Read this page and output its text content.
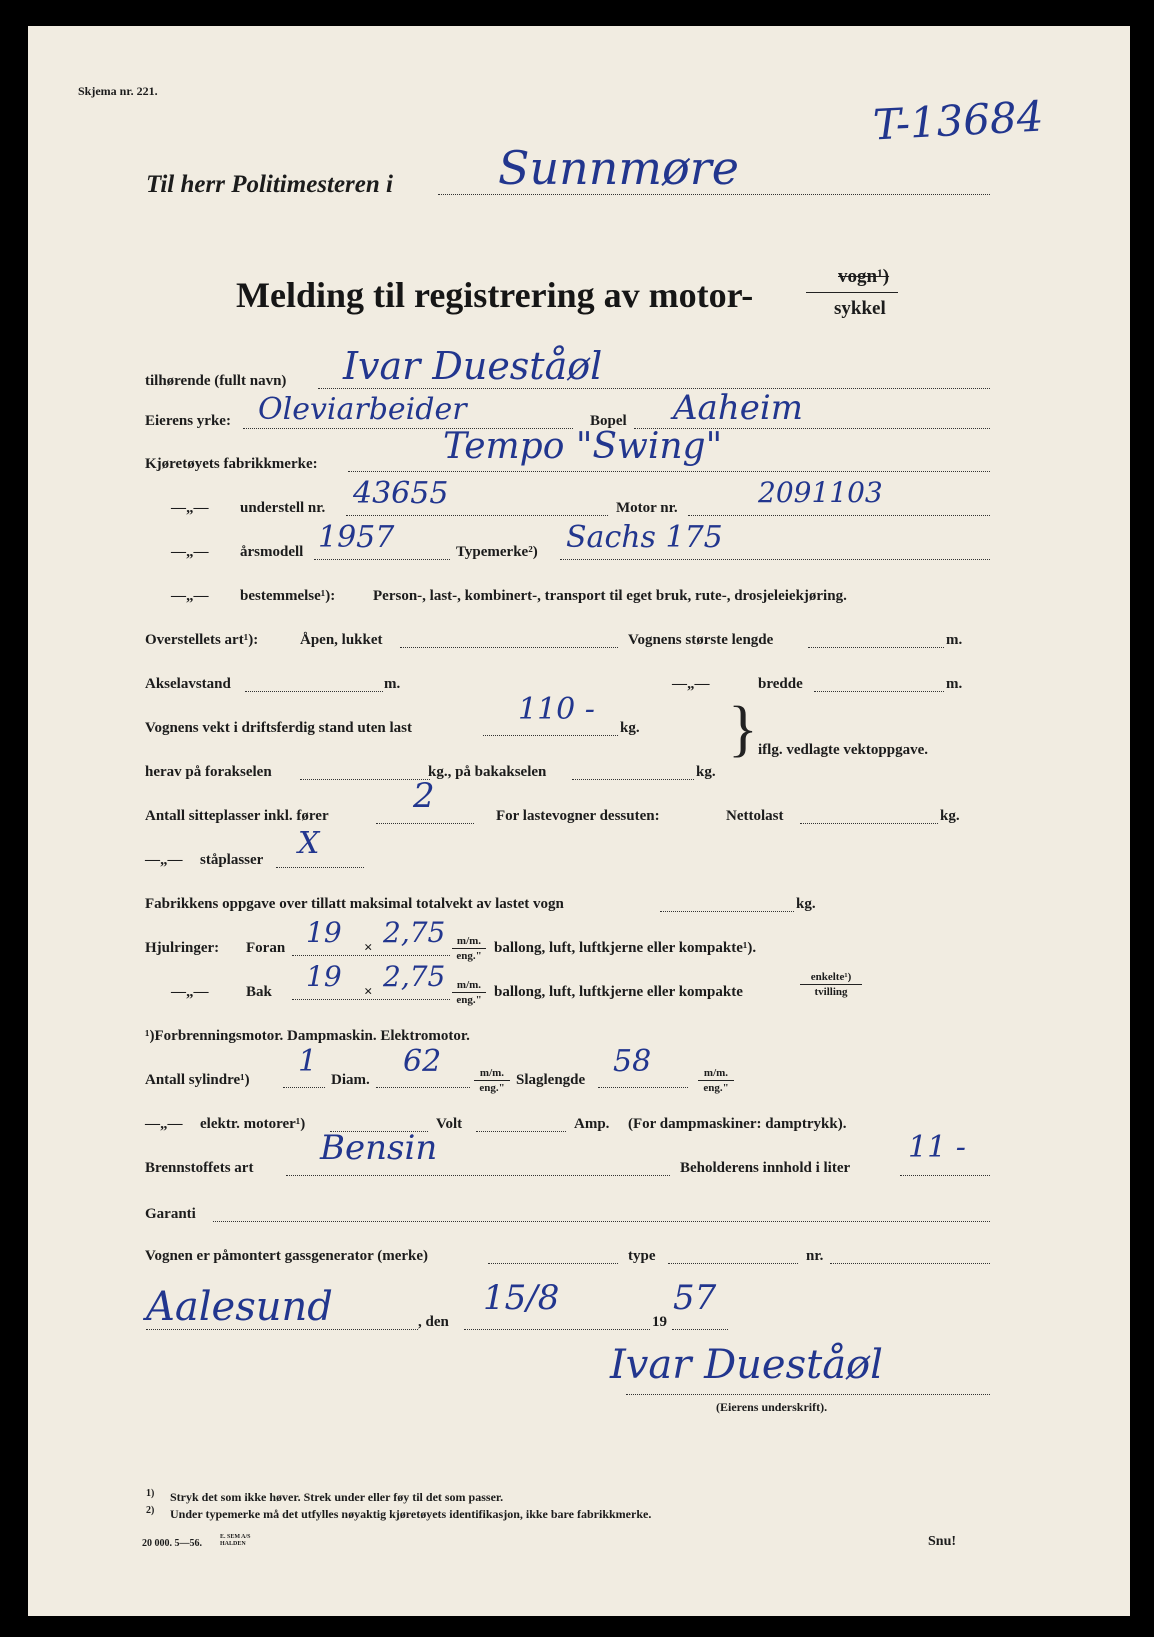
Skjema nr. 221.
T-13684
Til herr Politimesteren i Sunnmøre
Melding til registrering av motor-	vogn¹)
sykkel
tilhørende (fullt navn) Ivar Dueståøl
Eierens yrke: Oleviarbeider	Bopel Aaheim
Kjøretøyets fabrikkmerke:	Tempo "Swing"
—„— understell nr. 43655	Motor nr.	2091103
—„— årsmodell 1957	Typemerke²) Sachs 175
—„— bestemmelse¹):	Person-, last-, kombinert-, transport til eget bruk, rute-, drosjeleiekjøring.
Overstellets art¹):	Åpen, lukket	Vognens største lengde	m.
Akselavstand	m.	—„—	bredde	m.
Vognens vekt i driftsferdig stand uten last
110 -
kg.
herav på forakselen	kg., på bakakselen	kg.
} iflg. vedlagte vektoppgave.
Antall sitteplasser inkl. fører 2	For lastevogner dessuten:	Nettolast	kg.
—„— ståplasser X
Fabrikkens oppgave over tillatt maksimal totalvekt av lastet vogn	kg.
Hjulringer: Foran 19 × 2,75	m/m.
eng." ballong, luft, luftkjerne eller kompakte¹).
—„—	Bak 19 × 2,75	m/m.
eng." ballong, luft, luftkjerne eller kompakte
enkelte¹)
tvilling
¹)Forbrenningsmotor. Dampmaskin. Elektromotor.
Antall sylindre¹)
1
Diam.
62	m/m.
eng." Slaglengde
58	m/m.
eng."
—„— elektr. motorer¹)	Volt	Amp. (For dampmaskiner: damptrykk).
Brennstoffets art Bensin	Beholderens innhold i liter
11 -
Garanti
Vognen er påmontert gassgenerator (merke)	type	nr.
Aalesund	, den
15/8
19
57
Ivar Dueståøl
(Eierens underskrift).
1) Stryk det som ikke høver. Strek under eller føy til det som passer.
2) Under typemerke må det utfylles nøyaktig kjøretøyets identifikasjon, ikke bare fabrikkmerke.
20 000. 5—56.
E. SEM A/S HALDEN	Snu!
